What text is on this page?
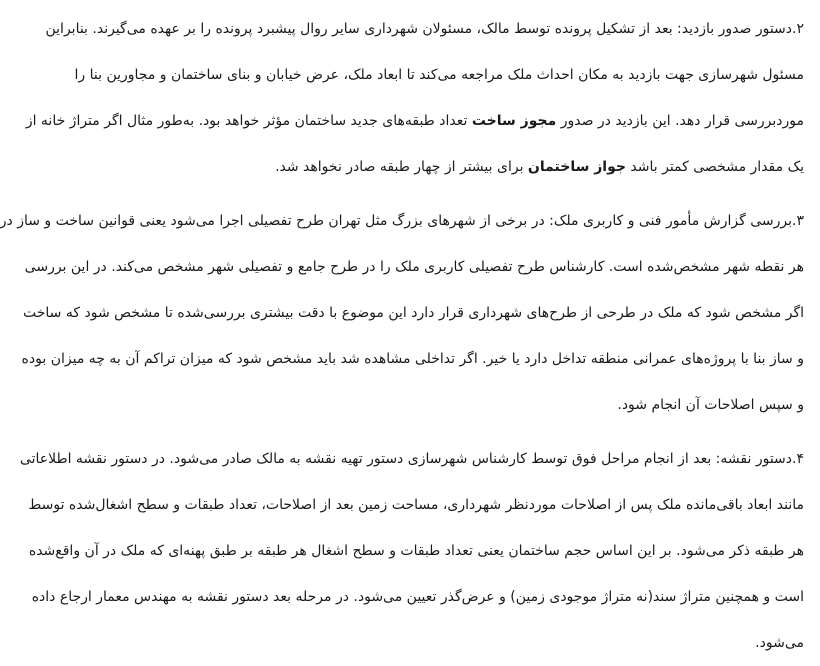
۲.دستور صدور بازدید: بعد از تشکیل پرونده توسط مالک، مسئولان شهرداری سایر روال پیشبرد پرونده را بر عهده می‌گیرند. بنابراین
مسئول شهرسازی جهت بازدید به مکان احداث ملک مراجعه می‌کند تا ابعاد ملک، عرض خیابان و بنای ساختمان و مجاورین بنا را
موردبررسی قرار دهد. این بازدید در صدور مجوز ساخت تعداد طبقه‌های جدید ساختمان مؤثر خواهد بود. به‌طور مثال اگر متراژ خانه از
یک مقدار مشخصی کمتر باشد جواز ساختمان برای بیشتر از چهار طبقه صادر نخواهد شد.

۳.بررسی گزارش مأمور فنی و کاربری ملک: در برخی از شهرهای بزرگ مثل تهران طرح تفصیلی اجرا می‌شود یعنی قوانین ساخت و ساز در
هر نقطه شهر مشخص‌شده است. کارشناس طرح تفصیلی کاربری ملک را در طرح جامع و تفصیلی شهر مشخص می‌کند. در این بررسی
اگر مشخص شود که ملک در طرحی از طرح‌های شهرداری قرار دارد این موضوع با دقت بیشتری بررسی‌شده تا مشخص شود که ساخت
و ساز بنا با پروژه‌های عمرانی منطقه تداخل دارد یا خیر. اگر تداخلی مشاهده شد باید مشخص شود که میزان تراکم آن به چه میزان بوده
و سپس اصلاحات آن انجام شود.

۴.دستور نقشه: بعد از انجام مراحل فوق توسط کارشناس شهرسازی دستور تهیه نقشه به مالک صادر می‌شود. در دستور نقشه اطلاعاتی
مانند ابعاد باقی‌مانده ملک پس از اصلاحات موردنظر شهرداری، مساحت زمین بعد از اصلاحات، تعداد طبقات و سطح اشغال‌شده توسط
هر طبقه ذکر می‌شود. بر این اساس حجم ساختمان یعنی تعداد طبقات و سطح اشغال هر طبقه بر طبق پهنه‌ای که ملک در آن واقع‌شده
است و همچنین متراژ سند(نه متراژ موجودی زمین) و عرض‌گذر تعیین می‌شود. در مرحله بعد دستور نقشه به مهندس معمار ارجاع داده
می‌شود.
